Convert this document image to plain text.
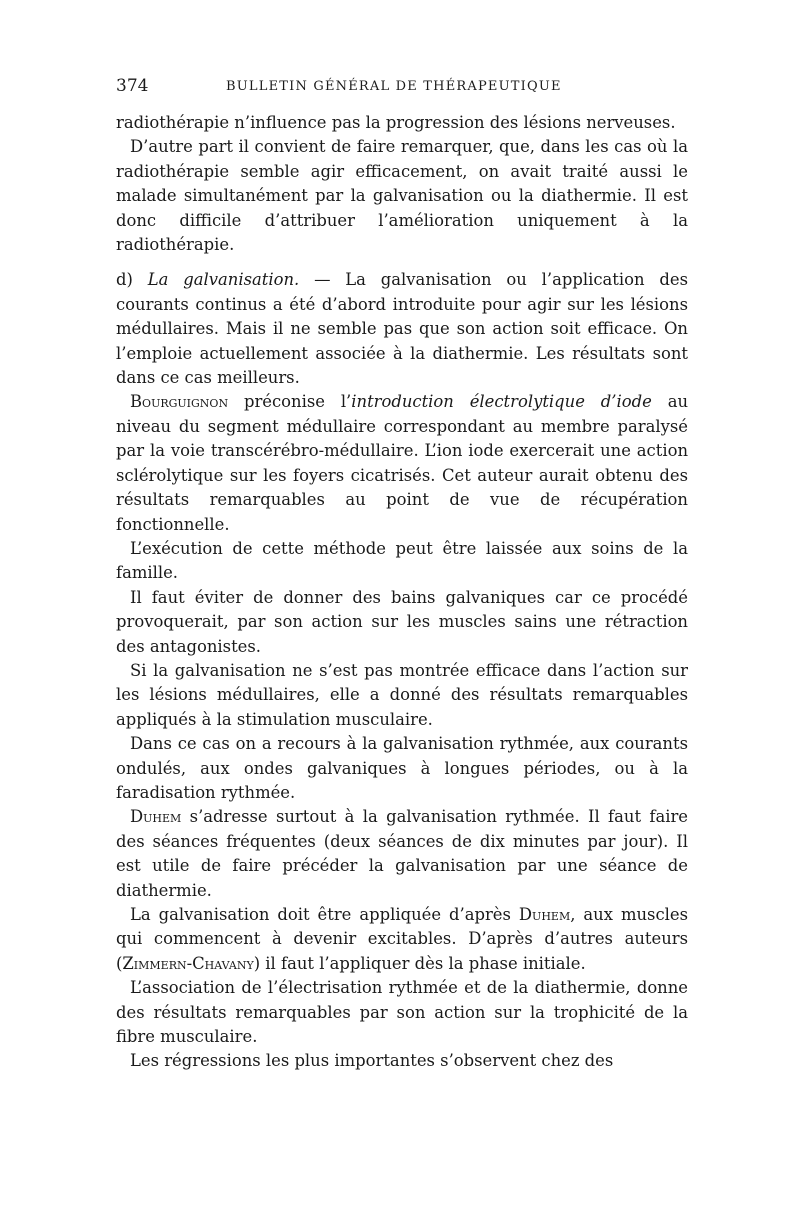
374	BULLETIN GÉNÉRAL DE THÉRAPEUTIQUE

radiothérapie n’influence pas la progression des lésions nerveuses.

D’autre part il convient de faire remarquer, que, dans les cas où la radiothérapie semble agir efficacement, on avait traité aussi le malade simultanément par la galvanisation ou la diathermie. Il est donc difficile d’attribuer l’amélioration uniquement à la radiothérapie.

d) La galvanisation. — La galvanisation ou l’application des courants continus a été d’abord introduite pour agir sur les lésions médullaires. Mais il ne semble pas que son action soit efficace. On l’emploie actuellement associée à la diathermie. Les résultats sont dans ce cas meilleurs.

Bourguignon préconise l’introduction électrolytique d’iode au niveau du segment médullaire correspondant au membre paralysé par la voie transcérébro-médullaire. L’ion iode exercerait une action sclérolytique sur les foyers cicatrisés. Cet auteur aurait obtenu des résultats remarquables au point de vue de récupération fonctionnelle.

L’exécution de cette méthode peut être laissée aux soins de la famille.

Il faut éviter de donner des bains galvaniques car ce procédé provoquerait, par son action sur les muscles sains une rétraction des antagonistes.

Si la galvanisation ne s’est pas montrée efficace dans l’action sur les lésions médullaires, elle a donné des résultats remarquables appliqués à la stimulation musculaire.

Dans ce cas on a recours à la galvanisation rythmée, aux courants ondulés, aux ondes galvaniques à longues périodes, ou à la faradisation rythmée.

Duhem s’adresse surtout à la galvanisation rythmée. Il faut faire des séances fréquentes (deux séances de dix minutes par jour). Il est utile de faire précéder la galvanisation par une séance de diathermie.

La galvanisation doit être appliquée d’après Duhem, aux muscles qui commencent à devenir excitables. D’après d’autres auteurs (Zimmern-Chavany) il faut l’appliquer dès la phase initiale.

L’association de l’électrisation rythmée et de la diathermie, donne des résultats remarquables par son action sur la trophicité de la fibre musculaire.

Les régressions les plus importantes s’observent chez des
